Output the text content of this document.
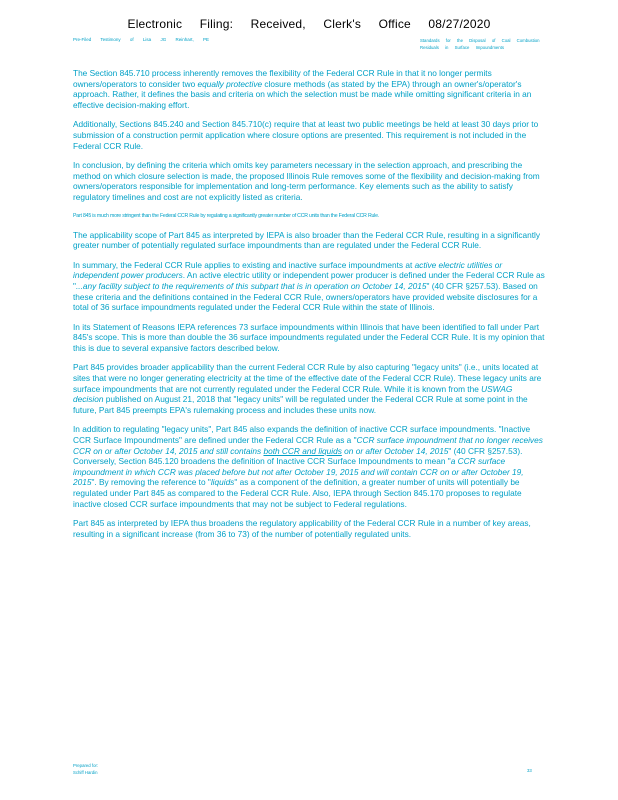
Electronic Filing: Received, Clerk's Office 08/27/2020
Pre-Filed Testimony of Lisa JG Reinhart, PE	Standards for the Disposal of Coal Combustion
Residuals in Surface Impoundments

The Section 845.710 process inherently removes the flexibility of the Federal CCR Rule in that it no longer permits owners/operators to consider two equally protective closure methods (as stated by the EPA) through an owner's/operator's approach. Rather, it defines the basis and criteria on which the selection must be made while omitting significant criteria in an effective decision-making effort.

Additionally, Sections 845.240 and Section 845.710(c) require that at least two public meetings be held at least 30 days prior to submission of a construction permit application where closure options are presented. This requirement is not included in the Federal CCR Rule.

In conclusion, by defining the criteria which omits key parameters necessary in the selection approach, and prescribing the method on which closure selection is made, the proposed Illinois Rule removes some of the flexibility and decision-making from owners/operators responsible for implementation and long-term performance. Key elements such as the ability to satisfy regulatory timelines and cost are not explicitly listed as criteria.

Part 845 is much more stringent than the Federal CCR Rule by regulating a significantly greater number of CCR units than the Federal CCR Rule.

The applicability scope of Part 845 as interpreted by IEPA is also broader than the Federal CCR Rule, resulting in a significantly greater number of potentially regulated surface impoundments than are regulated under the Federal CCR Rule.

In summary, the Federal CCR Rule applies to existing and inactive surface impoundments at active electric utilities or independent power producers. An active electric utility or independent power producer is defined under the Federal CCR Rule as "...any facility subject to the requirements of this subpart that is in operation on October 14, 2015" (40 CFR §257.53). Based on these criteria and the definitions contained in the Federal CCR Rule, owners/operators have provided website disclosures for a total of 36 surface impoundments regulated under the Federal CCR Rule within the state of Illinois.

In its Statement of Reasons IEPA references 73 surface impoundments within Illinois that have been identified to fall under Part 845's scope. This is more than double the 36 surface impoundments regulated under the Federal CCR Rule. It is my opinion that this is due to several expansive factors described below.

Part 845 provides broader applicability than the current Federal CCR Rule by also capturing "legacy units" (i.e., units located at sites that were no longer generating electricity at the time of the effective date of the Federal CCR Rule). These legacy units are surface impoundments that are not currently regulated under the Federal CCR Rule. While it is known from the USWAG decision published on August 21, 2018 that "legacy units" will be regulated under the Federal CCR Rule at some point in the future, Part 845 preempts EPA's rulemaking process and includes these units now.

In addition to regulating "legacy units", Part 845 also expands the definition of inactive CCR surface impoundments. "Inactive CCR Surface Impoundments" are defined under the Federal CCR Rule as a "CCR surface impoundment that no longer receives CCR on or after October 14, 2015 and still contains both CCR and liquids on or after October 14, 2015" (40 CFR §257.53). Conversely, Section 845.120 broadens the definition of Inactive CCR Surface Impoundments to mean "a CCR surface impoundment in which CCR was placed before but not after October 19, 2015 and will contain CCR on or after October 19, 2015". By removing the reference to "liquids" as a component of the definition, a greater number of units will potentially be regulated under Part 845 as compared to the Federal CCR Rule. Also, IEPA through Section 845.170 proposes to regulate inactive closed CCR surface impoundments that may not be subject to Federal regulations.

Part 845 as interpreted by IEPA thus broadens the regulatory applicability of the Federal CCR Rule in a number of key areas, resulting in a significant increase (from 36 to 73) of the number of potentially regulated units.

Prepared for:
Schiff Hardin	33
